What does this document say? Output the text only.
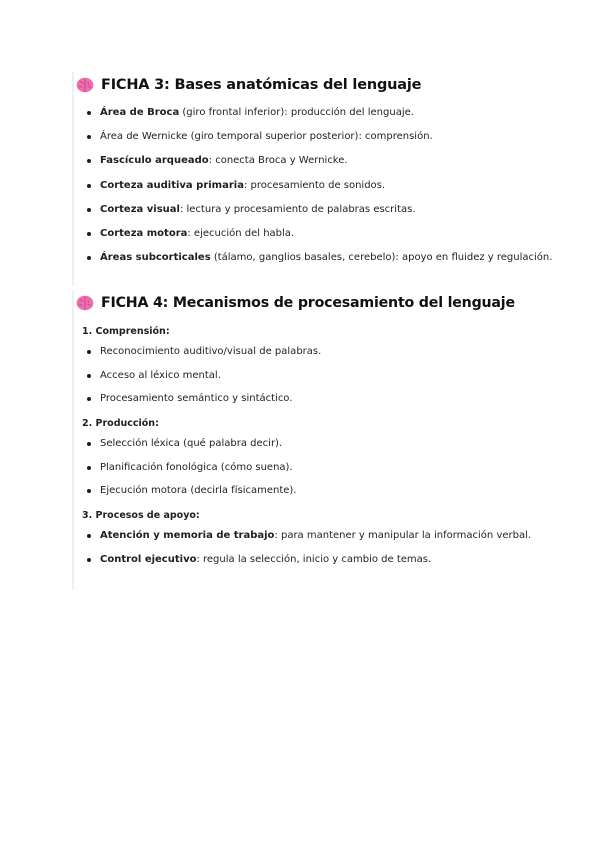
FICHA 3: Bases anatómicas del lenguaje
Área de Broca (giro frontal inferior): producción del lenguaje.
Área de Wernicke (giro temporal superior posterior): comprensión.
Fascículo arqueado: conecta Broca y Wernicke.
Corteza auditiva primaria: procesamiento de sonidos.
Corteza visual: lectura y procesamiento de palabras escritas.
Corteza motora: ejecución del habla.
Áreas subcorticales (tálamo, ganglios basales, cerebelo): apoyo en fluidez y regulación.
FICHA 4: Mecanismos de procesamiento del lenguaje
1. Comprensión:
Reconocimiento auditivo/visual de palabras.
Acceso al léxico mental.
Procesamiento semántico y sintáctico.
2. Producción:
Selección léxica (qué palabra decir).
Planificación fonológica (cómo suena).
Ejecución motora (decirla físicamente).
3. Procesos de apoyo:
Atención y memoria de trabajo: para mantener y manipular la información verbal.
Control ejecutivo: regula la selección, inicio y cambio de temas.
